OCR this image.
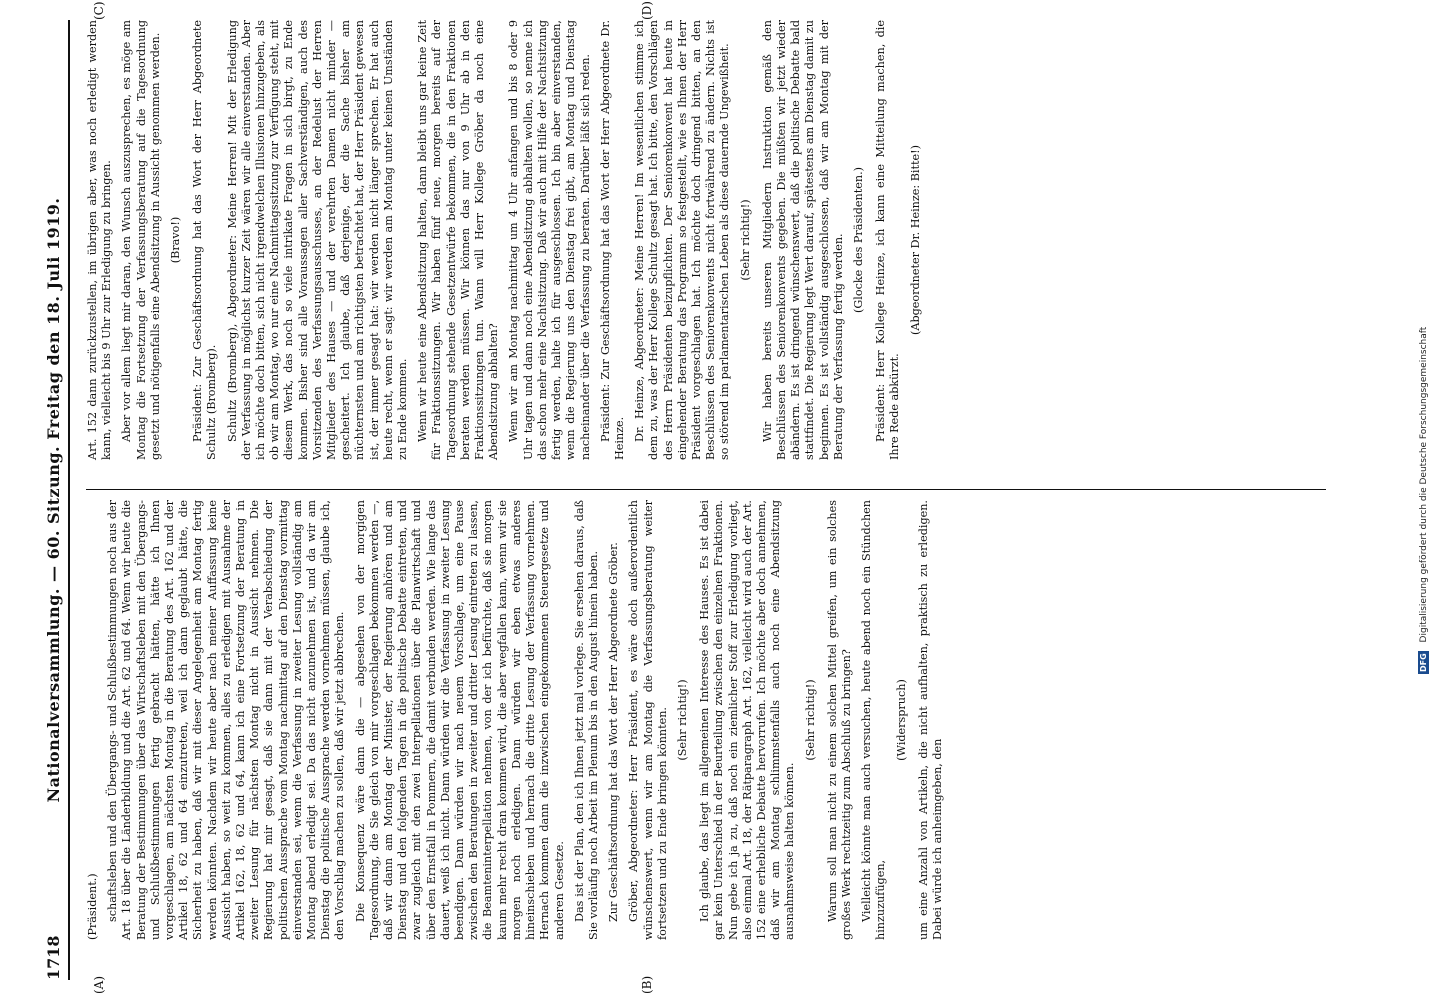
1718
Nationalversammlung. — 60. Sitzung. Freitag den 18. Juli 1919.
(A)	(B)
(C)	(D)

(Präsident.) schaftsleben und den Übergangs- und Schlußbestimmungen noch aus der Art. 18 über die Länderbildung und die Art. 62 und 64. Wenn wir heute die Beratung der Bestimmungen über das Wirtschaftsleben mit den Übergangs- und Schlußbestimmungen fertig gebracht hätten, hätte ich Ihnen vorgeschlagen, am nächsten Montag in die Beratung des Art. 162 und der Artikel 18, 62 und 64 einzutreten, weil ich dann geglaubt hätte, die Sicherheit zu haben, daß wir mit dieser Angelegenheit am Montag fertig werden könnten. Nachdem wir heute aber nach meiner Auffassung keine Aussicht haben, so weit zu kommen, alles zu erledigen mit Ausnahme der Artikel 162, 18, 62 und 64, kann ich eine Fortsetzung der Beratung in zweiter Lesung für nächsten Montag nicht in Aussicht nehmen. Die Regierung hat mir gesagt, daß sie dann mit der Verabschiedung der politischen Aussprache vom Montag nachmittag auf den Dienstag vormittag einverstanden sei, wenn die Verfassung in zweiter Lesung vollständig am Montag abend erledigt sei. Da das nicht anzunehmen ist, und da wir am Dienstag die politische Aussprache werden vornehmen müssen, glaube ich, den Vorschlag machen zu sollen, daß wir jetzt abbrechen. Die Konsequenz wäre dann die — abgesehen von der morgigen Tagesordnung, die Sie gleich von mir vorgeschlagen bekommen werden —, daß wir dann am Montag der Minister, der Regierung anhören und am Dienstag und den folgenden Tagen in die politische Debatte eintreten, und zwar zugleich mit den zwei Interpellationen über die Planwirtschaft und über den Ernstfall in Pommern, die damit verbunden werden. Wie lange das dauert, weiß ich nicht. Dann würden wir die Verfassung in zweiter Lesung beendigen. Dann würden wir nach neuem Vorschlage, um eine Pause zwischen den Beratungen in zweiter und dritter Lesung eintreten zu lassen, die Beamteninterpellation nehmen, von der ich befürchte, daß sie morgen kaum mehr recht dran kommen wird, die aber wegfallen kann, wenn wir sie morgen noch erledigen. Dann würden wir eben etwas anderes hineinschieben und hernach die dritte Lesung der Verfassung vornehmen. Hernach kommen dann die inzwischen eingekommenen Steuergesetze und anderen Gesetze. Das ist der Plan, den ich Ihnen jetzt mal vorlege. Sie ersehen daraus, daß Sie vorläufig noch Arbeit im Plenum bis in den August hinein haben. Zur Geschäftsordnung hat das Wort der Herr Abgeordnete Gröber. Gröber, Abgeordneter: Herr Präsident, es wäre doch außerordentlich wünschenswert, wenn wir am Montag die Verfassungsberatung weiter fortsetzen und zu Ende bringen könnten. (Sehr richtig!) Ich glaube, das liegt im allgemeinen Interesse des Hauses. Es ist dabei gar kein Unterschied in der Beurteilung zwischen den einzelnen Fraktionen. Nun gebe ich ja zu, daß noch ein ziemlicher Stoff zur Erledigung vorliegt, also einmal Art. 18, der Rätparagraph Art. 162, vielleicht wird auch der Art. 152 eine erhebliche Debatte hervorrufen. Ich möchte aber doch annehmen, daß wir am Montag schlimmstenfalls auch noch eine Abendsitzung ausnahmsweise halten können.

(Sehr richtig!) Warum soll man nicht zu einem solchen Mittel greifen, um ein solches großes Werk rechtzeitig zum Abschluß zu bringen? Vielleicht könnte man auch versuchen, heute abend noch ein Stündchen hinzuzufügen,

(Widerspruch) um eine Anzahl von Artikeln, die nicht aufhalten, praktisch zu erledigen. Dabei würde ich anheimgeben, den

Art. 152 dann zurückzustellen, im übrigen aber, was noch erledigt werden kann, vielleicht bis 9 Uhr zur Erledigung zu bringen. Aber vor allem liegt mir daran, den Wunsch auszusprechen, es möge am Montag die Fortsetzung der Verfassungsberatung auf die Tagesordnung gesetzt und nötigenfalls eine Abendsitzung in Aussicht genommen werden. (Bravo!) Präsident: Zur Geschäftsordnung hat das Wort der Herr Abgeordnete Schultz (Bromberg). Schultz (Bromberg), Abgeordneter: Meine Herren! Mit der Erledigung der Verfassung in möglichst kurzer Zeit wären wir alle einverstanden. Aber ich möchte doch bitten, sich nicht irgendwelchen Illusionen hinzugeben, als ob wir am Montag, wo nur eine Nachmittagssitzung zur Verfügung steht, mit diesem Werk, das noch so viele intrikate Fragen in sich birgt, zu Ende kommen. Bisher sind alle Voraussagen aller Sachverständigen, auch des Vorsitzenden des Verfassungsausschusses, an der Redelust der Herren Mitglieder des Hauses — und der verehrten Damen nicht minder — gescheitert. Ich glaube, daß derjenige, der die Sache bisher am nüchternsten und am richtigsten betrachtet hat, der Herr Präsident gewesen ist, der immer gesagt hat: wir werden nicht länger sprechen. Er hat auch heute recht, wenn er sagt: wir werden am Montag unter keinen Umständen zu Ende kommen. Wenn wir heute eine Abendsitzung halten, dann bleibt uns gar keine Zeit für Fraktionssitzungen. Wir haben fünf neue, morgen bereits auf der Tagesordnung stehende Gesetzentwürfe bekommen, die in den Fraktionen beraten werden müssen. Wir können das nur von 9 Uhr ab in den Fraktionssitzungen tun. Wann will Herr Kollege Gröber da noch eine Abendsitzung abhalten? Wenn wir am Montag nachmittag um 4 Uhr anfangen und bis 8 oder 9 Uhr tagen und dann noch eine Abendsitzung abhalten wollen, so nenne ich das schon mehr eine Nachtsitzung. Daß wir auch mit Hilfe der Nachtsitzung fertig werden, halte ich für ausgeschlossen. Ich bin aber einverstanden, wenn die Regierung uns den Dienstag frei gibt, am Montag und Dienstag nacheinander über die Verfassung zu beraten. Darüber läßt sich reden. Präsident: Zur Geschäftsordnung hat das Wort der Herr Abgeordnete Dr. Heinze. Dr. Heinze, Abgeordneter: Meine Herren! Im wesentlichen stimme ich dem zu, was der Herr Kollege Schultz gesagt hat. Ich bitte, den Vorschlägen des Herrn Präsidenten beizupflichten. Der Seniorenkonvent hat heute in eingehender Beratung das Programm so festgestellt, wie es Ihnen der Herr Präsident vorgeschlagen hat. Ich möchte doch dringend bitten, an den Beschlüssen des Seniorenkonvents nicht fortwährend zu ändern. Nichts ist so störend im parlamentarischen Leben als diese dauernde Ungewißheit. (Sehr richtig!) Wir haben bereits unseren Mitgliedern Instruktion gemäß den Beschlüssen des Seniorenkonvents gegeben. Die müßten wir jetzt wieder abändern. Es ist dringend wünschenswert, daß die politische Debatte bald stattfindet. Die Regierung legt Wert darauf, spätestens am Dienstag damit zu beginnen. Es ist vollständig ausgeschlossen, daß wir am Montag mit der Beratung der Verfassung fertig werden. (Glocke des Präsidenten.) Präsident: Herr Kollege Heinze, ich kann eine Mitteilung machen, die Ihre Rede abkürzt.

(Abgeordneter Dr. Heinze: Bitte!)

DFG Digitalisierung gefördert durch die Deutsche Forschungsgemeinschaft
